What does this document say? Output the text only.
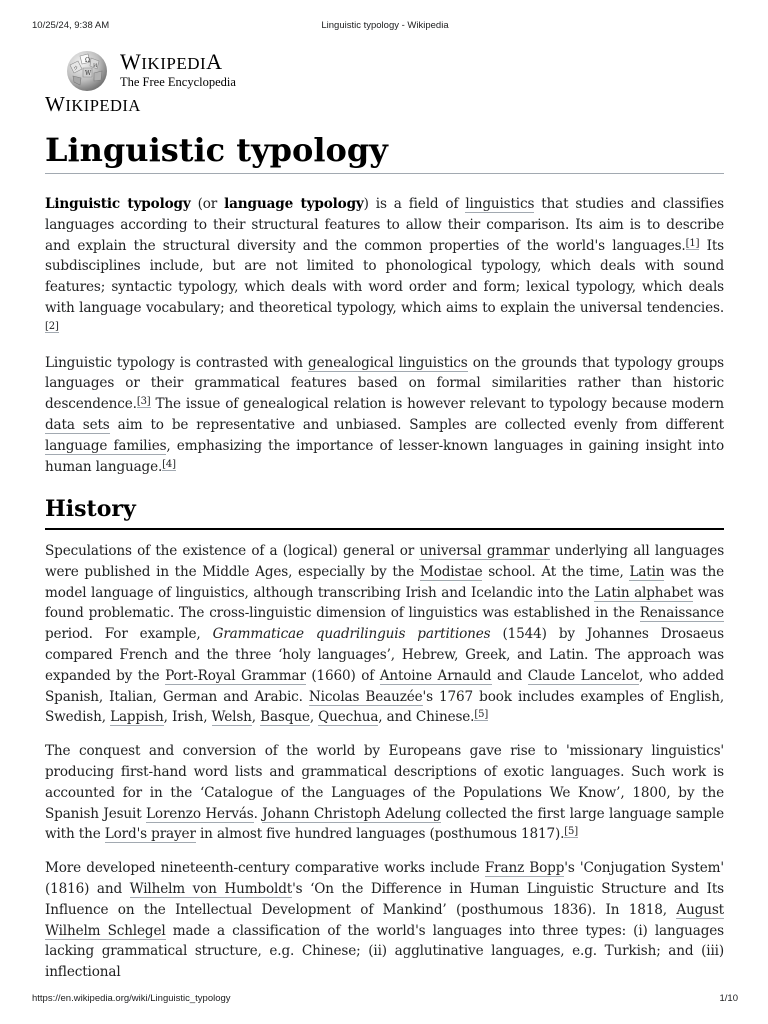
10/25/24, 9:38 AM	Linguistic typology - Wikipedia
Ω
W
ウ	И WIKIPEDIA
The Free Encyclopedia
WIKIPEDIA
Linguistic typology

Linguistic typology (or language typology) is a field of linguistics that studies and classifies languages according to their structural features to allow their comparison. Its aim is to describe and explain the structural diversity and the common properties of the world's languages.[1] Its subdisciplines include, but are not limited to phonological typology, which deals with sound features; syntactic typology, which deals with word order and form; lexical typology, which deals with language vocabulary; and theoretical typology, which aims to explain the universal tendencies.[2]

Linguistic typology is contrasted with genealogical linguistics on the grounds that typology groups languages or their grammatical features based on formal similarities rather than historic descendence.[3] The issue of genealogical relation is however relevant to typology because modern data sets aim to be representative and unbiased. Samples are collected evenly from different language families, emphasizing the importance of lesser-known languages in gaining insight into human language.[4]

History

Speculations of the existence of a (logical) general or universal grammar underlying all languages were published in the Middle Ages, especially by the Modistae school. At the time, Latin was the model language of linguistics, although transcribing Irish and Icelandic into the Latin alphabet was found problematic. The cross-linguistic dimension of linguistics was established in the Renaissance period. For example, Grammaticae quadrilinguis partitiones (1544) by Johannes Drosaeus compared French and the three ‘holy languages’, Hebrew, Greek, and Latin. The approach was expanded by the Port-Royal Grammar (1660) of Antoine Arnauld and Claude Lancelot, who added Spanish, Italian, German and Arabic. Nicolas Beauzée's 1767 book includes examples of English, Swedish, Lappish, Irish, Welsh, Basque, Quechua, and Chinese.[5]

The conquest and conversion of the world by Europeans gave rise to 'missionary linguistics' producing first-hand word lists and grammatical descriptions of exotic languages. Such work is accounted for in the ‘Catalogue of the Languages of the Populations We Know’, 1800, by the Spanish Jesuit Lorenzo Hervás. Johann Christoph Adelung collected the first large language sample with the Lord's prayer in almost five hundred languages (posthumous 1817).[5]

More developed nineteenth-century comparative works include Franz Bopp's 'Conjugation System' (1816) and Wilhelm von Humboldt's ‘On the Difference in Human Linguistic Structure and Its Influence on the Intellectual Development of Mankind’ (posthumous 1836). In 1818, August Wilhelm Schlegel made a classification of the world's languages into three types: (i) languages lacking grammatical structure, e.g. Chinese; (ii) agglutinative languages, e.g. Turkish; and (iii) inflectional

https://en.wikipedia.org/wiki/Linguistic_typology	1/10
